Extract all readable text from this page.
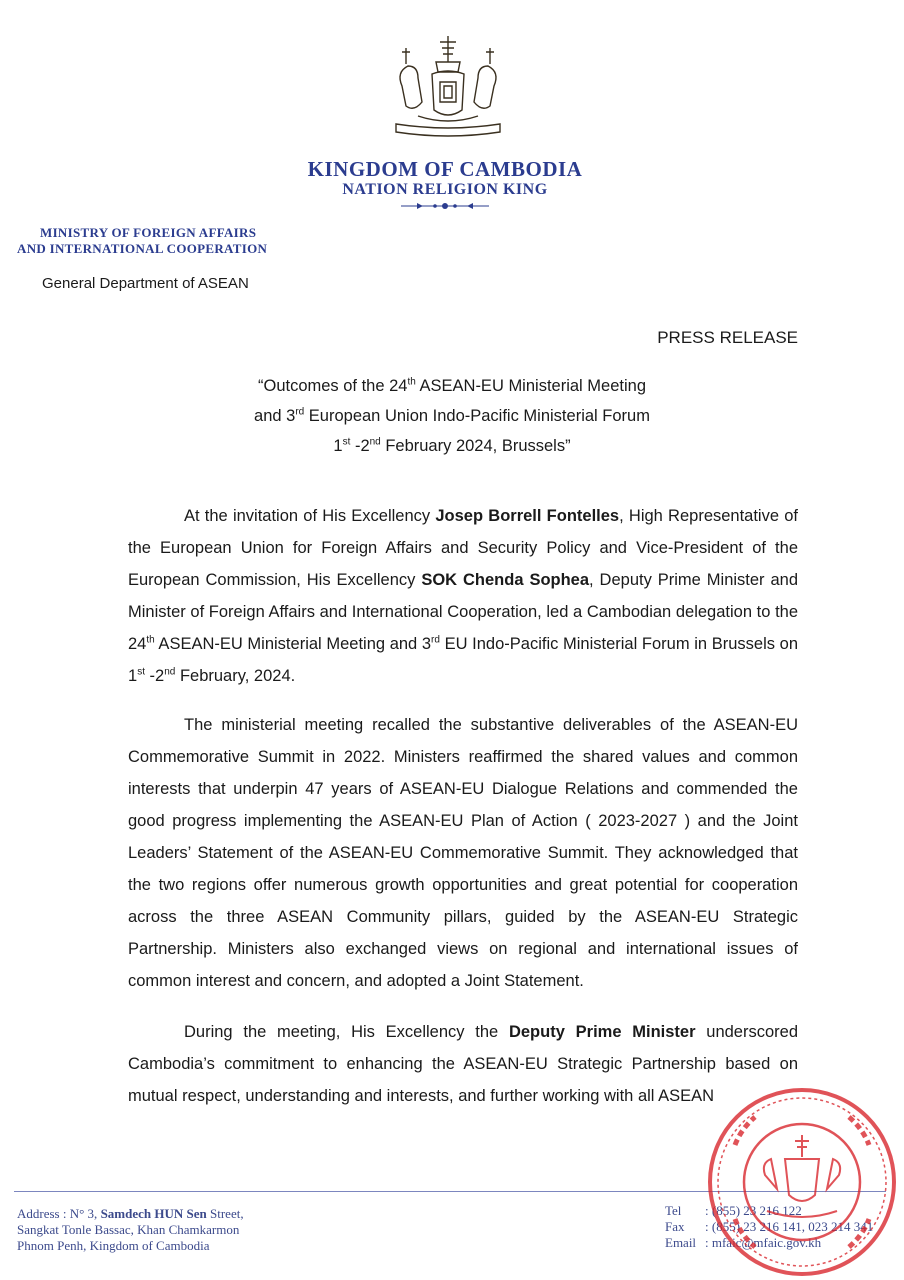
KINGDOM OF CAMBODIA
NATION RELIGION KING
MINISTRY OF FOREIGN AFFAIRS
AND INTERNATIONAL COOPERATION
General Department of ASEAN
PRESS RELEASE
“Outcomes of the 24th ASEAN-EU Ministerial Meeting
and 3rd European Union Indo-Pacific Ministerial Forum
1st -2nd February 2024, Brussels”
At the invitation of His Excellency Josep Borrell Fontelles, High Representative of the European Union for Foreign Affairs and Security Policy and Vice-President of the European Commission, His Excellency SOK Chenda Sophea, Deputy Prime Minister and Minister of Foreign Affairs and International Cooperation, led a Cambodian delegation to the 24th ASEAN-EU Ministerial Meeting and 3rd EU Indo-Pacific Ministerial Forum in Brussels on 1st -2nd February, 2024.
The ministerial meeting recalled the substantive deliverables of the ASEAN-EU Commemorative Summit in 2022. Ministers reaffirmed the shared values and common interests that underpin 47 years of ASEAN-EU Dialogue Relations and commended the good progress implementing the ASEAN-EU Plan of Action ( 2023-2027 ) and the Joint Leaders’ Statement of the ASEAN-EU Commemorative Summit. They acknowledged that the two regions offer numerous growth opportunities and great potential for cooperation across the three ASEAN Community pillars, guided by the ASEAN-EU Strategic Partnership. Ministers also exchanged views on regional and international issues of common interest and concern, and adopted a Joint Statement.
During the meeting, His Excellency the Deputy Prime Minister underscored Cambodia’s commitment to enhancing the ASEAN-EU Strategic Partnership based on mutual respect, understanding and interests, and further working with all ASEAN
Address : N° 3, Samdech HUN Sen Street,
Sangkat Tonle Bassac, Khan Chamkarmon
Phnom Penh, Kingdom of Cambodia
Tel : (855) 23 216 122
Fax : (855) 23 216 141, 023 214 341
Email : mfaic@mfaic.gov.kh
